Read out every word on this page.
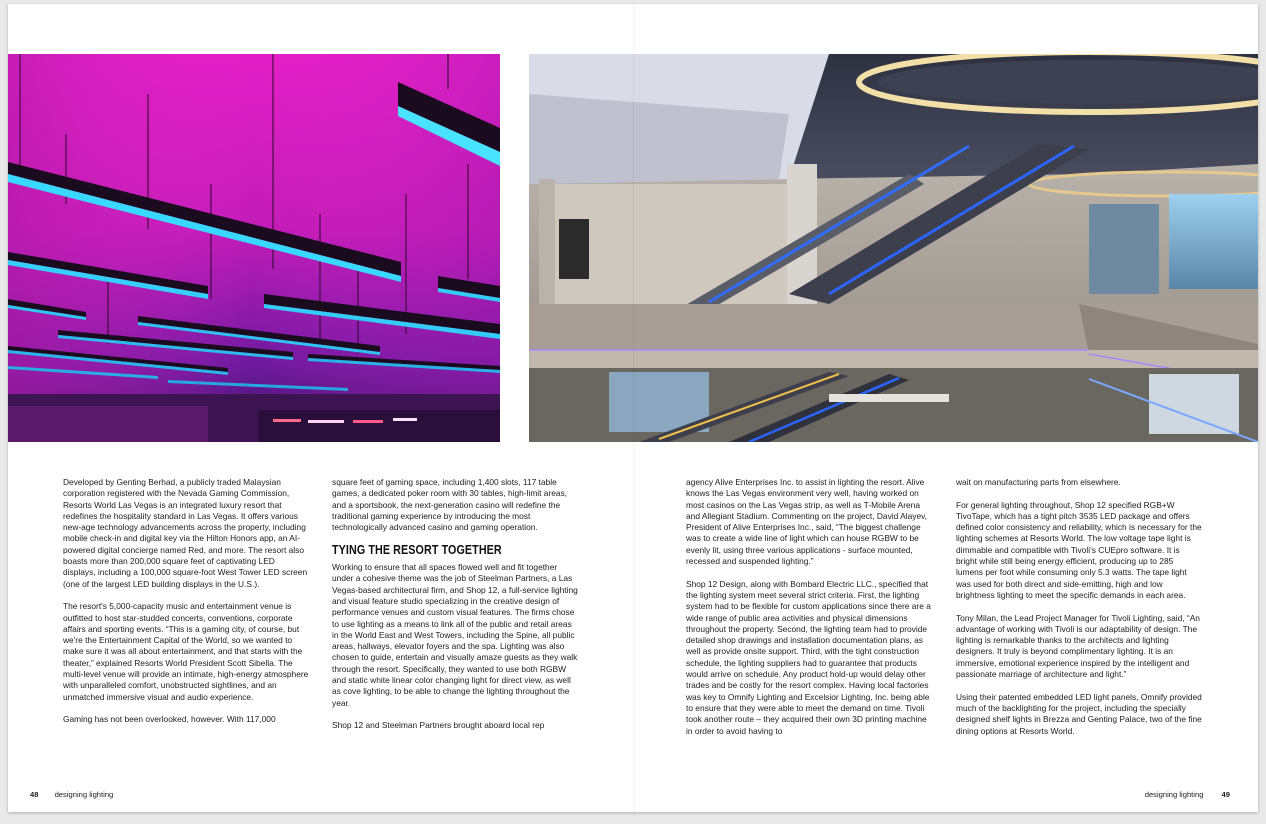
Developed by Genting Berhad, a publicly traded Malaysian corporation registered with the Nevada Gaming Commission, Resorts World Las Vegas is an integrated luxury resort that redefines the hospitality standard in Las Vegas. It offers various new-age technology advancements across the property, including mobile check-in and digital key via the Hilton Honors app, an AI-powered digital concierge named Red, and more. The resort also boasts more than 200,000 square feet of captivating LED displays, including a 100,000 square-foot West Tower LED screen (one of the largest LED building displays in the U.S.).

The resort's 5,000-capacity music and entertainment venue is outfitted to host star-studded concerts, conventions, corporate affairs and sporting events. “This is a gaming city, of course, but we're the Entertainment Capital of the World, so we wanted to make sure it was all about entertainment, and that starts with the theater,” explained Resorts World President Scott Sibella. The multi-level venue will provide an intimate, high-energy atmosphere with unparalleled comfort, unobstructed sightlines, and an unmatched immersive visual and audio experience.

Gaming has not been overlooked, however. With 117,000

square feet of gaming space, including 1,400 slots, 117 table games, a dedicated poker room with 30 tables, high-limit areas, and a sportsbook, the next-generation casino will redefine the traditional gaming experience by introducing the most technologically advanced casino and gaming operation.

TYING THE RESORT TOGETHER

Working to ensure that all spaces flowed well and fit together under a cohesive theme was the job of Steelman Partners, a Las Vegas-based architectural firm, and Shop 12, a full-service lighting and visual feature studio specializing in the creative design of performance venues and custom visual features. The firms chose to use lighting as a means to link all of the public and retail areas in the World East and West Towers, including the Spine, all public areas, hallways, elevator foyers and the spa. Lighting was also chosen to guide, entertain and visually amaze guests as they walk through the resort. Specifically, they wanted to use both RGBW and static white linear color changing light for direct view, as well as cove lighting, to be able to change the lighting throughout the year.

Shop 12 and Steelman Partners brought aboard local rep

agency Alive Enterprises Inc. to assist in lighting the resort. Alive knows the Las Vegas environment very well, having worked on most casinos on the Las Vegas strip, as well as T-Mobile Arena and Allegiant Stadium. Commenting on the project, David Alayev, President of Alive Enterprises Inc., said, “The biggest challenge was to create a wide line of light which can house RGBW to be evenly lit, using three various applications - surface mounted, recessed and suspended lighting.”

Shop 12 Design, along with Bombard Electric LLC., specified that the lighting system meet several strict criteria. First, the lighting system had to be flexible for custom applications since there are a wide range of public area activities and physical dimensions throughout the property. Second, the lighting team had to provide detailed shop drawings and installation documentation plans, as well as provide onsite support. Third, with the tight construction schedule, the lighting suppliers had to guarantee that products would arrive on schedule. Any product hold-up would delay other trades and be costly for the resort complex. Having local factories was key to Omnify Lighting and Excelsior Lighting, Inc. being able to ensure that they were able to meet the demand on time. Tivoli took another route – they acquired their own 3D printing machine in order to avoid having to

wait on manufacturing parts from elsewhere.

For general lighting throughout, Shop 12 specified RGB+W TivoTape, which has a tight pitch 3535 LED package and offers defined color consistency and reliability, which is necessary for the lighting schemes at Resorts World. The low voltage tape light is dimmable and compatible with Tivoli’s CUEpro software. It is bright while still being energy efficient, producing up to 285 lumens per foot while consuming only 5.3 watts. The tape light was used for both direct and side-emitting, high and low brightness lighting to meet the specific demands in each area.

Tony Milan, the Lead Project Manager for Tivoli Lighting, said, “An advantage of working with Tivoli is our adaptability of design. The lighting is remarkable thanks to the architects and lighting designers. It truly is beyond complimentary lighting. It is an immersive, emotional experience inspired by the intelligent and passionate marriage of architecture and light.”

Using their patented embedded LED light panels, Omnify provided much of the backlighting for the project, including the specially designed shelf lights in Brezza and Genting Palace, two of the fine dining options at Resorts World.

48 designing lighting	designing lighting 49
